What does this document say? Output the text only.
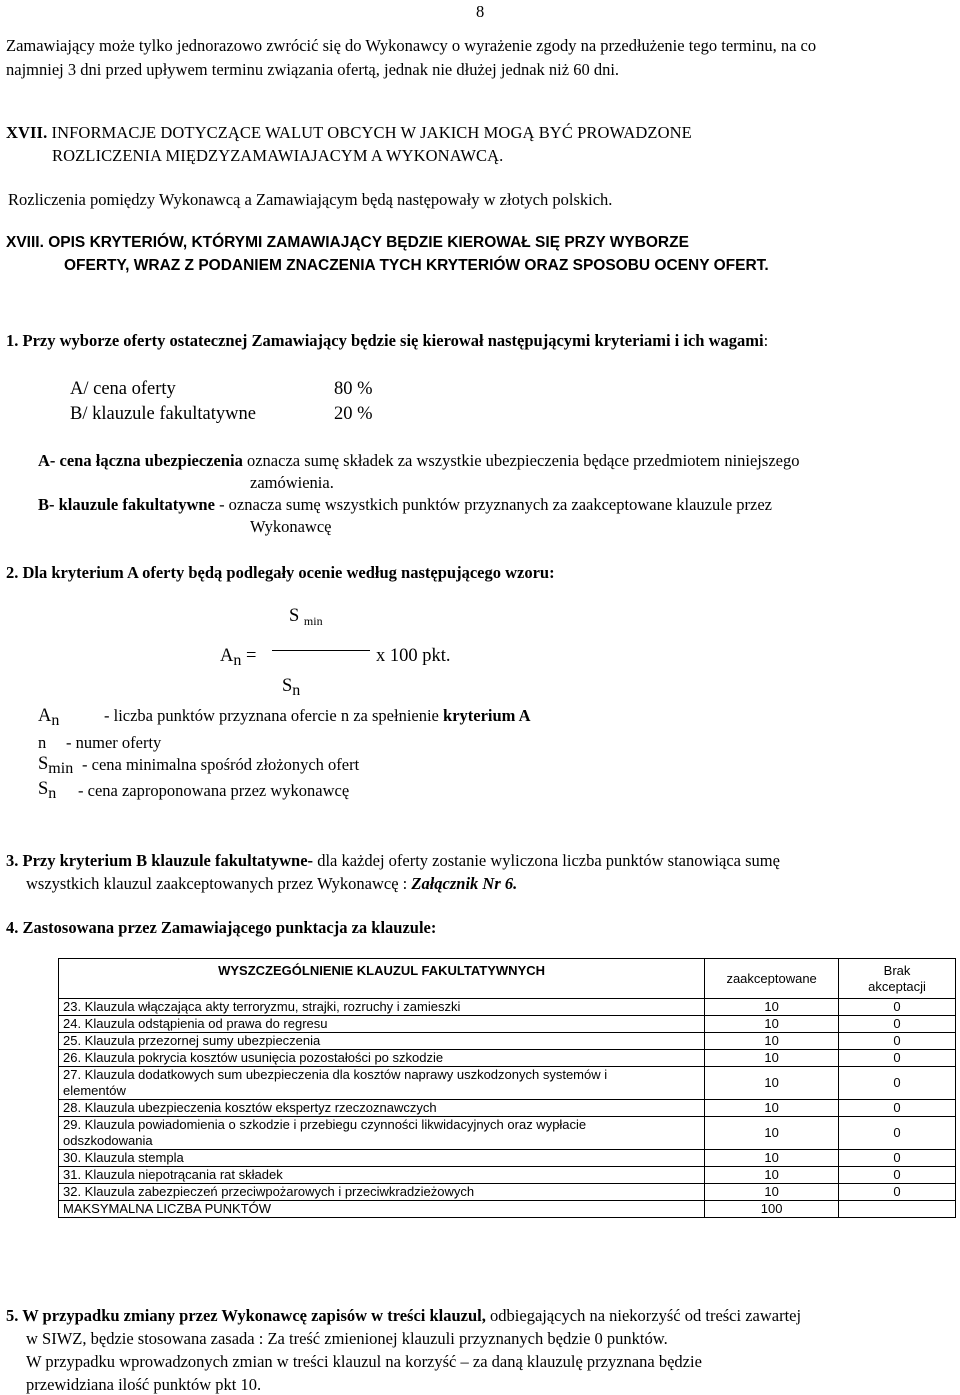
8
Zamawiający może tylko jednorazowo zwrócić się do Wykonawcy o wyrażenie zgody na przedłużenie tego terminu, na co
najmniej 3 dni przed upływem terminu związania ofertą, jednak nie dłużej jednak niż 60 dni.
XVII. INFORMACJE DOTYCZĄCE WALUT OBCYCH W JAKICH MOGĄ BYĆ PROWADZONE
ROZLICZENIA MIĘDZYZAMAWIAJACYM A WYKONAWCĄ.
Rozliczenia pomiędzy Wykonawcą a Zamawiającym będą następowały w złotych polskich.
XVIII. OPIS KRYTERIÓW, KTÓRYMI ZAMAWIAJĄCY BĘDZIE KIEROWAŁ SIĘ PRZY WYBORZE
OFERTY, WRAZ Z PODANIEM ZNACZENIA TYCH KRYTERIÓW ORAZ SPOSOBU OCENY OFERT.
1. Przy wyborze oferty ostatecznej Zamawiający będzie się kierował następującymi kryteriami i ich wagami:
A/ cena oferty	80 %
B/ klauzule fakultatywne	20 %
A- cena łączna ubezpieczenia oznacza sumę składek za wszystkie ubezpieczenia będące przedmiotem niniejszego
zamówienia.
B- klauzule fakultatywne - oznacza sumę wszystkich punktów przyznanych za zaakceptowane klauzule przez
Wykonawcę
2. Dla kryterium A oferty będą podlegały ocenie według następującego wzoru:
S $_{min}$
An =	x 100 pkt.
Sn
An	- liczba punktów przyznana ofercie n za spełnienie kryterium A
n - numer oferty
Smin - cena minimalna spośród złożonych ofert
Sn - cena zaproponowana przez wykonawcę
3. Przy kryterium B klauzule fakultatywne- dla każdej oferty zostanie wyliczona liczba punktów stanowiąca sumę
wszystkich klauzul zaakceptowanych przez Wykonawcę : Załącznik Nr 6.
4. Zastosowana przez Zamawiającego punktacja za klauzule:
WYSZCZEGÓLNIENIE KLAUZUL FAKULTATYWNYCH	zaakceptowane	Brak
akceptacji

23. Klauzula włączająca akty terroryzmu, strajki, rozruchy i zamieszki	10	0
24. Klauzula odstąpienia od prawa do regresu	10	0
25. Klauzula przezornej sumy ubezpieczenia	10	0
26. Klauzula pokrycia kosztów usunięcia pozostałości po szkodzie	10	0
27. Klauzula dodatkowych sum ubezpieczenia dla kosztów naprawy uszkodzonych systemów i elementów	10	0
28. Klauzula ubezpieczenia kosztów ekspertyz rzeczoznawczych	10	0
29. Klauzula powiadomienia o szkodzie i przebiegu czynności likwidacyjnych oraz wypłacie odszkodowania	10	0
30. Klauzula stempla	10	0
31. Klauzula niepotrącania rat składek	10	0
32. Klauzula zabezpieczeń przeciwpożarowych i przeciwkradzieżowych	10	0
MAKSYMALNA LICZBA PUNKTÓW	100	
5. W przypadku zmiany przez Wykonawcę zapisów w treści klauzul, odbiegających na niekorzyść od treści zawartej
w SIWZ, będzie stosowana zasada : Za treść zmienionej klauzuli przyznanych będzie 0 punktów.
W przypadku wprowadzonych zmian w treści klauzul na korzyść – za daną klauzulę przyznana będzie
przewidziana ilość punktów pkt 10.
